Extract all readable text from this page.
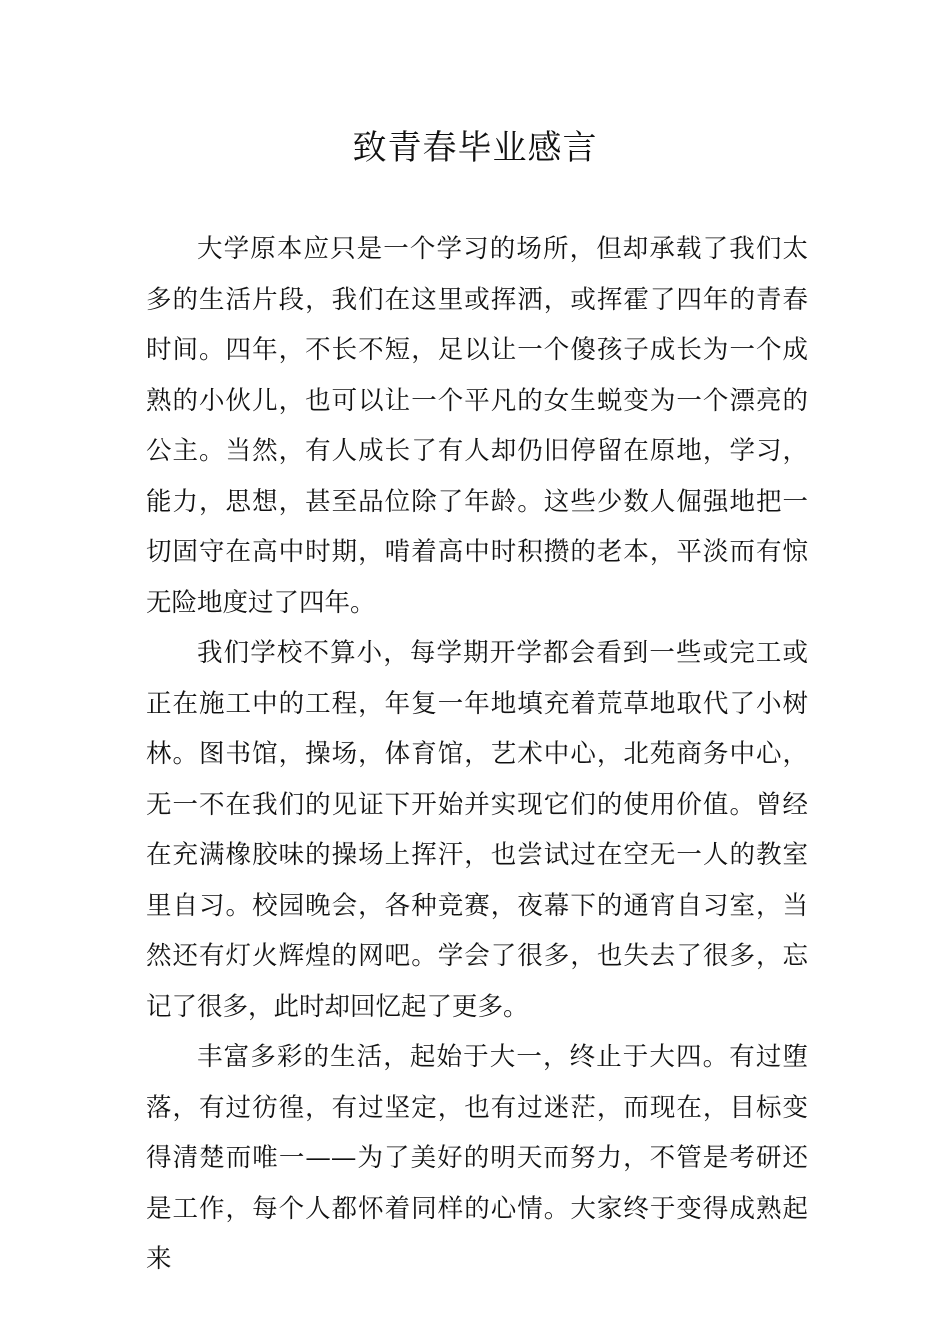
致青春毕业感言

大学原本应只是一个学习的场所，但却承载了我们太多的生活片段，我们在这里或挥洒，或挥霍了四年的青春时间。四年，不长不短，足以让一个傻孩子成长为一个成熟的小伙儿，也可以让一个平凡的女生蜕变为一个漂亮的公主。当然，有人成长了有人却仍旧停留在原地，学习，能力，思想，甚至品位除了年龄。这些少数人倔强地把一切固守在高中时期，啃着高中时积攒的老本，平淡而有惊无险地度过了四年。

我们学校不算小，每学期开学都会看到一些或完工或正在施工中的工程，年复一年地填充着荒草地取代了小树林。图书馆，操场，体育馆，艺术中心，北苑商务中心，无一不在我们的见证下开始并实现它们的使用价值。曾经在充满橡胶味的操场上挥汗，也尝试过在空无一人的教室里自习。校园晚会，各种竞赛，夜幕下的通宵自习室，当然还有灯火辉煌的网吧。学会了很多，也失去了很多，忘记了很多，此时却回忆起了更多。

丰富多彩的生活，起始于大一，终止于大四。有过堕落，有过彷徨，有过坚定，也有过迷茫，而现在，目标变得清楚而唯一——为了美好的明天而努力，不管是考研还是工作，每个人都怀着同样的心情。大家终于变得成熟起来
